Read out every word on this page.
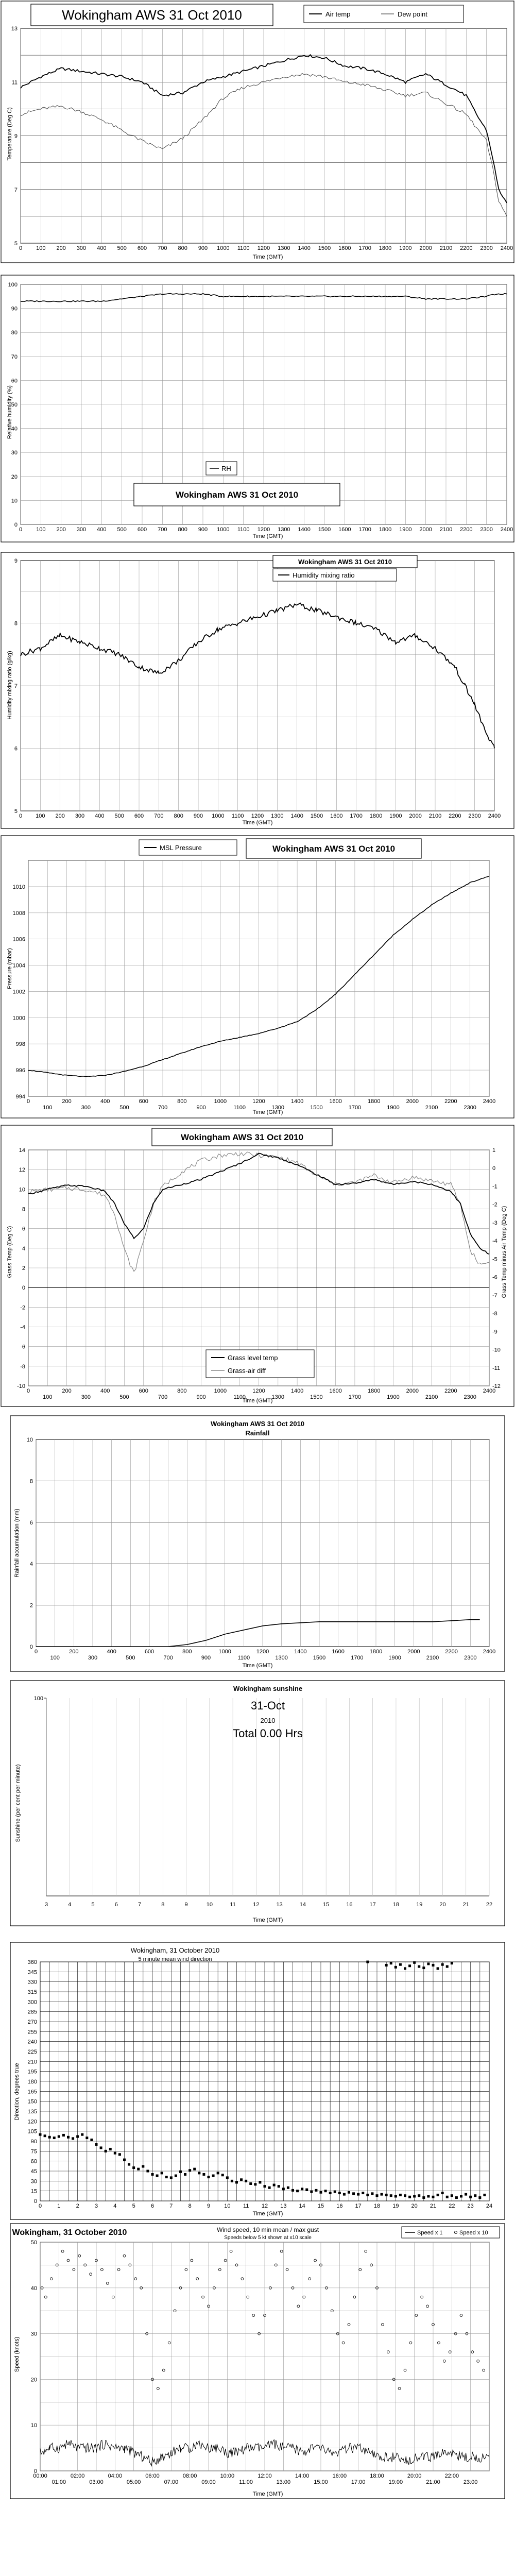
5
7
9
11
13
0 100 200 300 400 500 600 700 800 900 1000 1100 1200 1300 1400 1500 1600 1700 1800 1900 2000 2100 2200 2300 2400
Wokingham AWS 31 Oct 2010	Air temp	Dew point
Temperature (Deg C)
Time (GMT)
0
10
20
30
40
50
60
70
80
90
100
0 100 200 300 400 500 600 700 800 900 1000 1100 1200 1300 1400 1500 1600 1700 1800 1900 2000 2100 2200 2300 2400
RH
Wokingham AWS 31 Oct 2010
Relative humidity (%)
Time (GMT)
5
6
7
8
9
0 100 200 300 400 500 600 700 800 900 1000 1100 1200 1300 1400 1500 1600 1700 1800 1900 2000 2100 2200 2300 2400
Wokingham AWS 31 Oct 2010
Humidity mixing ratio
Humidity mixing ratio (g/kg)
Time (GMT)
994
996
998
1000
1002
1004
1006
1008
1010
0	200	400	600	800	1000	1200	1400	1600	1800	2000	2200	2400
100	300	500	700	900	1100	1300	1500	1700	1900	2100	2300
MSL Pressure	Wokingham AWS 31 Oct 2010
Pressure (mbar)
Time (GMT)
-10
-8
-6
-4
-2
0
2
4
6
8
10
12
14
-12
-11
-10
-9
-8
-7
-6
-5
-4
-3
-2
-1
0
1
0	200	400	600	800	1000	1200	1400	1600	1800	2000	2200	2400
100	300	500	700	900	1100	1300	1500	1700	1900	2100	2300
Wokingham AWS 31 Oct 2010
Grass level temp
Grass-air diff
Grass Temp (Deg C)	Grass Temp minus Air Temp (Deg C)
Time (GMT)
0
2
4
6
8
10
0	200	400	600	800	1000	1200	1400	1600	1800	2000	2200	2400
100	300	500	700	900	1100	1300	1500	1700	1900	2100	2300
Wokingham AWS 31 Oct 2010
Rainfall
Rainfall accumulation (mm)
Time (GMT)
3	4	5	6	7	8	9	10	11	12	13	14	15	16	17	18	19	20	21	22
100
Wokingham sunshine
31-Oct
2010
Total 0.00 Hrs
Sunshine (per cent per minute)
Time (GMT)
0
15
30
45
60
75
90
105
120
135
150
165
180
195
210
225
240
255
270
285
300
315
330
345
360
0	1	2	3	4	5	6	7	8	9 10 11 12 13 14 15 16 17 18 19 20 21 22 23 24
Wokingham, 31 October 2010
5 minute mean wind direction
Direction, degrees true
Time (GMT)
0
10
20
30
40
50
00:00	02:00	04:00	06:00	08:00	10:00	12:00	14:00	16:00	18:00	20:00	22:00
01:00	03:00	05:00	07:00	09:00	11:00	13:00	15:00	17:00	19:00	21:00	23:00
Wokingham, 31 October 2010	Wind speed, 10 min mean / max gust
Speeds below 5 kt shown at x10 scale
Speed x 1	Speed x 10
Speed (knots)
Time (GMT)
